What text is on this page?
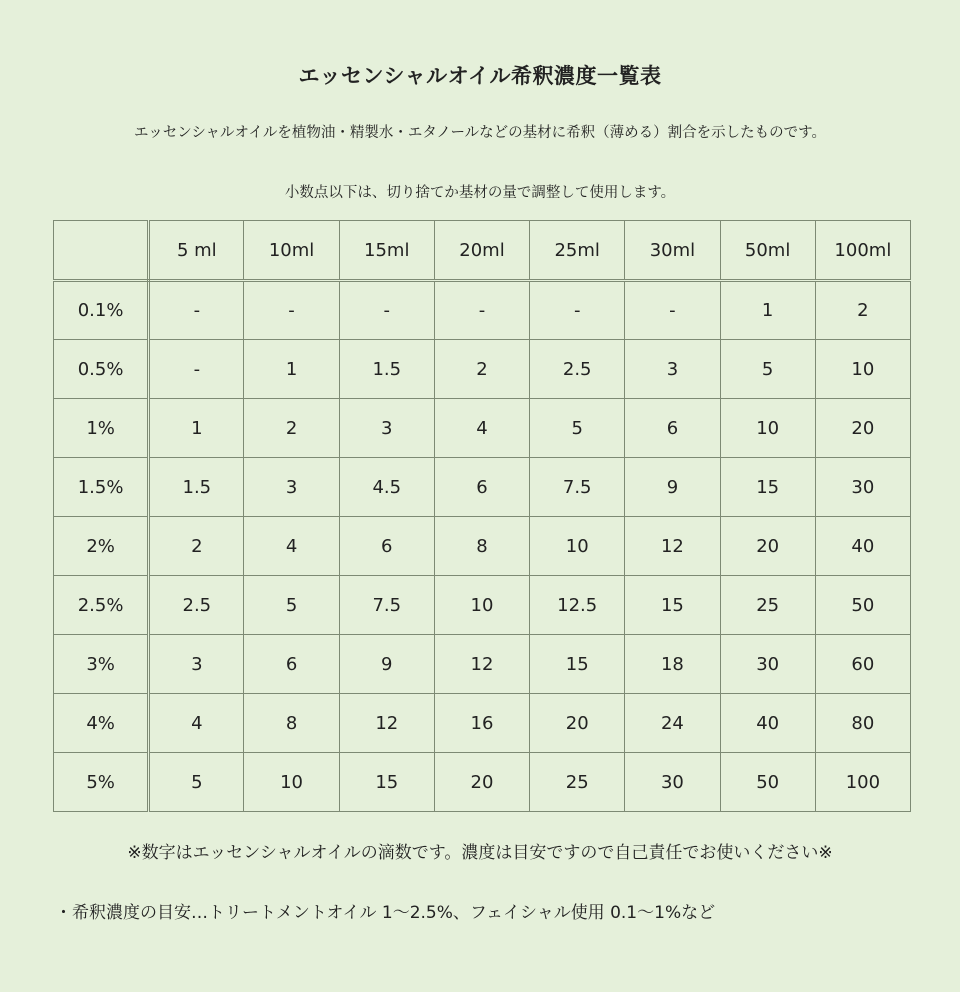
エッセンシャルオイル希釈濃度一覧表
エッセンシャルオイルを植物油・精製水・エタノールなどの基材に希釈（薄める）割合を示したものです。
小数点以下は、切り捨てか基材の量で調整して使用します。
	5 ml	10ml	15ml	20ml	25ml	30ml	50ml	100ml
0.1%	-	-	-	-	-	-	1	2
0.5%	-	1	1.5	2	2.5	3	5	10
1%	1	2	3	4	5	6	10	20
1.5%	1.5	3	4.5	6	7.5	9	15	30
2%	2	4	6	8	10	12	20	40
2.5%	2.5	5	7.5	10	12.5	15	25	50
3%	3	6	9	12	15	18	30	60
4%	4	8	12	16	20	24	40	80
5%	5	10	15	20	25	30	50	100
※数字はエッセンシャルオイルの滴数です。濃度は目安ですので自己責任でお使いください※
・希釈濃度の目安…トリートメントオイル 1～2.5%、フェイシャル使用 0.1～1%など
